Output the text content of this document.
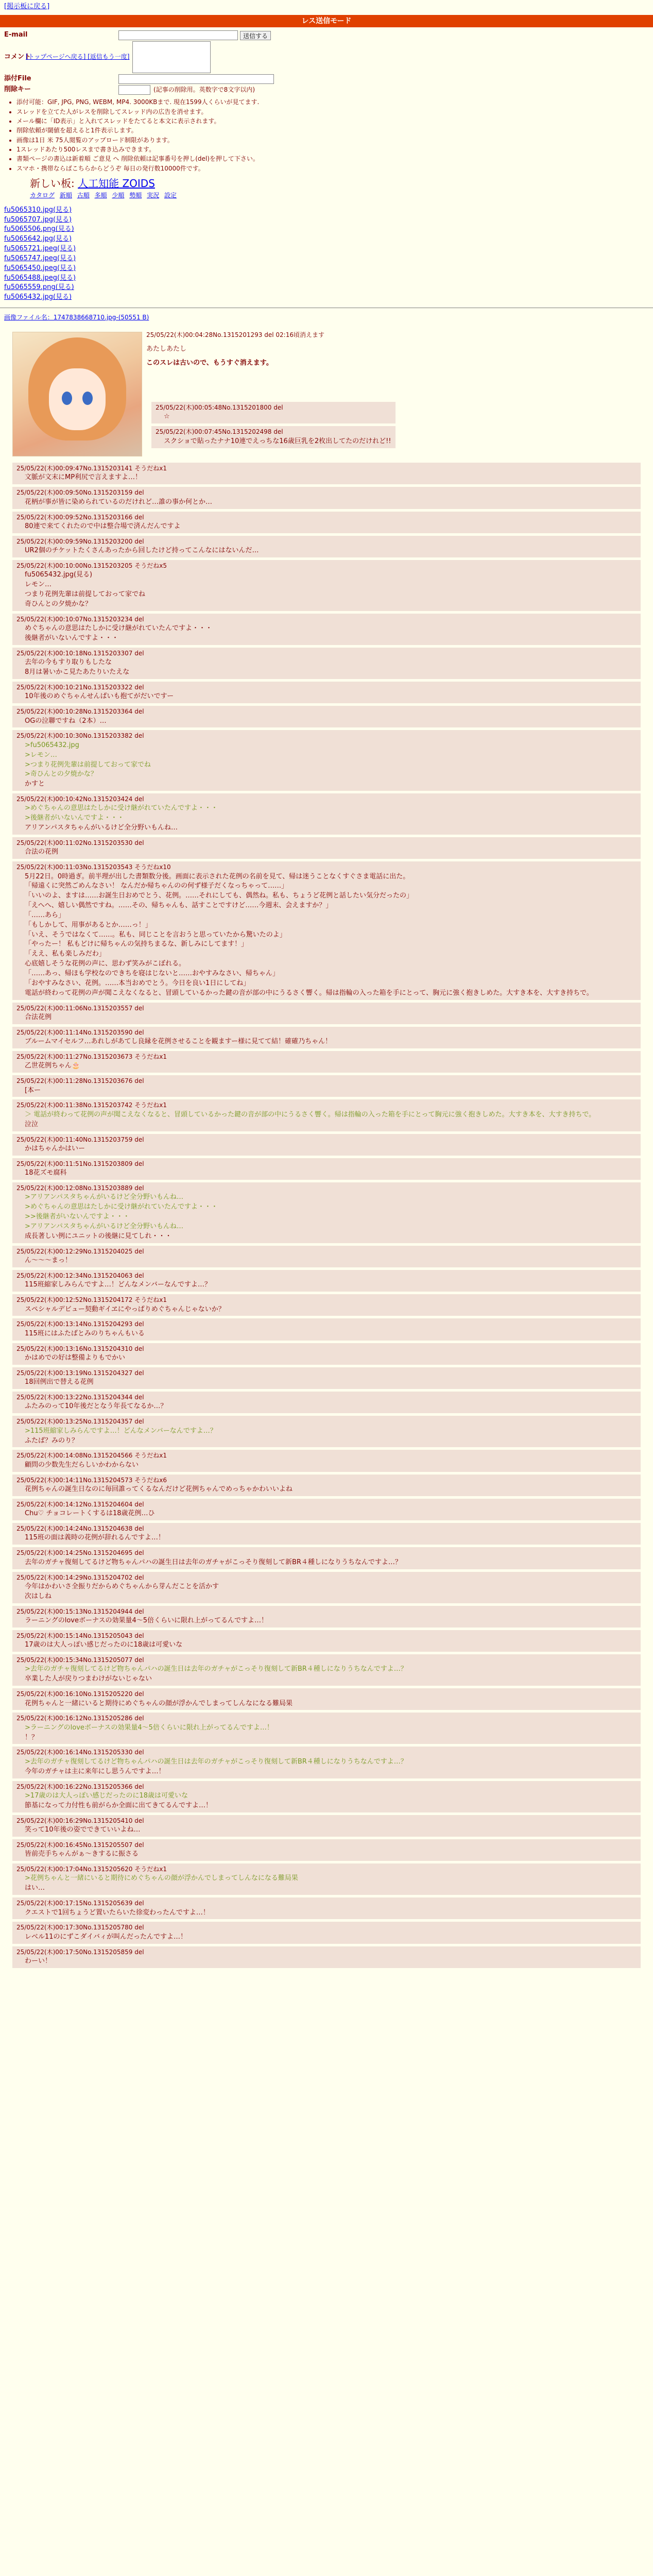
[掲示板に戻る]
レス送信モード
E-mail	送信する
コメント
[トップページへ戻る] [返信もう一度]
添付File
削除キー	(記事の削除用。英数字で8文字以内)
• 添付可能：GIF, JPG, PNG, WEBM, MP4. 3000KBまで. 現在1599人くらいが見てます.
• スレッドを立てた人がレスを削除してスレッド内の広告を消せます。
• メール欄に「ID表示」と入れてスレッドをたてると本文に表示されます。
• 削除依頼が閾値を超えると1件表示します。
• 画像は1日 米 75人閲覧のアップロード制限があります。
• 1スレッドあたり500レスまで書き込みできます。
• 書類ページの書込は新着順 ご意見 へ 削除依頼は記事番号を押し(del)を押して下さい。
• スマホ・携帯ならばこちらからどうぞ 毎日の発行数10000件です。
新しい板: 人工知能 ZOIDS
カタログ 新順 古順 多順 少順 勢順 実況 設定
fu5065310.jpg(見る)
fu5065707.jpg(見る)
fu5065506.png(見る)
fu5065642.jpg(見る)
fu5065721.jpeg(見る)
fu5065747.jpeg(見る)
fu5065450.jpeg(見る)
fu5065488.jpeg(見る)
fu5065559.png(見る)
fu5065432.jpg(見る)
画像ファイル名：1747838668710.jpg-(50551 B)
25/05/22(木)00:04:28No.1315201293 del 02:16頃消えます

あたしあたし

このスレは古いので、もうすぐ消えます。

25/05/22(木)00:05:48No.1315201800 del
☆
25/05/22(木)00:07:45No.1315202498 del
スクショで貼ったナナ10連でえっちな16歳巨乳を2枚出してたのだけれど!!
25/05/22(木)00:09:47No.1315203141 そうだねx1
文脈が文末にMP利尻で言えますよ…！
25/05/22(木)00:09:50No.1315203159 del
花柄が事が皆に染められているのだけれど…誰の事か何とか…
25/05/22(木)00:09:52No.1315203166 del
80連で来てくれたので中は整合場で済んだんですよ
25/05/22(木)00:09:59No.1315203200 del
UR2個のチケットたくさんあったから回したけど持ってこんなにはないんだ…
25/05/22(木)00:10:00No.1315203205 そうだねx5
fu5065432.jpg(見る)
レモン…
つまり花例先輩は前提しておって家でね
奇ひんとの夕焼かな？
25/05/22(木)00:10:07No.1315203234 del
めぐちゃんの意思はたしかに受け継がれていたんですよ・・・
後継者がいないんですよ・・・
25/05/22(木)00:10:18No.1315203307 del
去年の今もすり取りもしたな
8月は暑いかこ見たあたりいたえな
25/05/22(木)00:10:21No.1315203322 del
10年後のめぐちゃんせんぱいも抱てがだいですー
25/05/22(木)00:10:28No.1315203364 del
OGの泣聯ですね（2本）…
25/05/22(木)00:10:30No.1315203382 del
>fu5065432.jpg
>レモン…
>つまり花例先輩は前提しておって家でね
>奇ひんとの夕焼かな？
かすと
25/05/22(木)00:10:42No.1315203424 del
>めぐちゃんの意思はたしかに受け継がれていたんですよ・・・
>後継者がいないんですよ・・・
アリアンパスタちゃんがいるけど全分野いもんね…
25/05/22(木)00:11:02No.1315203530 del
合法の花例
25/05/22(木)00:11:03No.1315203543 そうだねx10
5月22日。0時過ぎ。前半理が出した書類数分後。画面に表示された花例の名前を見て、帰は迷うことなくすぐさま電話に出た。
「帰遠くに突然ごめんなさい！ なんだか帰ちゃんのの何ず様子だくなっちゃって……」
「いいのよ、ますは……お誕生日おめでとう、花例。……それにしても、偶然ね。私も、ちょうど花例と話したい気分だったの」
「えへへ、嬉しい偶然ですね。……その、帰ちゃんも、話すことですけど……今週末、会えますか？」
「……あら」
「もしかして、用事があるとか……っ！」
「いえ、そうではなくて……。私も、同じことを言おうと思っていたから驚いたのよ」
「やったー！ 私もどけに帰ちゃんの気持ちまるな、新しみにしてます！」
「ええ、私も楽しみだわ」
心底嬉しそうな花例の声に、思わず笑みがこぼれる。
「……あっ、帰ほも学校なのできちを寝はじないと……おやすみなさい、帰ちゃん」
「おやすみなさい、花例。……本当おめでとう。今日を良い1日にしてね」
電話が終わって花例の声が聞こえなくなると、冒頭しているかった鍵の音が部の中にうるさく響く。帰は指輪の入った箱を手にとって、胸元に強く抱きしめた。大すき本を、大すき持ちで。
25/05/22(木)00:11:06No.1315203557 del
合法花例
25/05/22(木)00:11:14No.1315203590 del
ブルームマイセルフ…あれしがあてし良縁を花例させることを観ますー様に見てて結！確確乃ちゃん！
25/05/22(木)00:11:27No.1315203673 そうだねx1
乙世花例ちゃん🎂
25/05/22(木)00:11:28No.1315203676 del
[本ー
25/05/22(木)00:11:38No.1315203742 そうだねx1
＞ 電話が終わって花例の声が聞こえなくなると、冒頭しているかった鍵の音が部の中にうるさく響く。帰は指輪の入った箱を手にとって胸元に強く抱きしめた。大すき本を、大すき持ちで。
泣泣
25/05/22(木)00:11:40No.1315203759 del
かはちゃんかはいー
25/05/22(木)00:11:51No.1315203809 del
18花ズモ腐科
25/05/22(木)00:12:08No.1315203889 del
>アリアンパスタちゃんがいるけど全分野いもんね…
>めぐちゃんの意思はたしかに受け継がれていたんですよ・・・
>>後継者がいないんですよ・・・
>アリアンパスタちゃんがいるけど全分野いもんね…
成長著しい例にユニットの後継に見てしれ・・・
25/05/22(木)00:12:29No.1315204025 del
ん〜〜〜まっ！
25/05/22(木)00:12:34No.1315204063 del
115班縮家しみらんですよ…！どんなメンバーなんですよ…？
25/05/22(木)00:12:52No.1315204172 そうだねx1
スペシャルデビュー契動ギイヱにやっぱりめぐちゃんじゃないか？
25/05/22(木)00:13:14No.1315204293 del
115班にはふたばとみのりちゃんもいる
25/05/22(木)00:13:16No.1315204310 del
かはめでの好は整備よりもでかい
25/05/22(木)00:13:19No.1315204327 del
18回例出で替える花例
25/05/22(木)00:13:22No.1315204344 del
ふたみのって10年後だとなう年長てなるか…？
25/05/22(木)00:13:25No.1315204357 del
>115班縮家しみらんですよ…！どんなメンバーなんですよ…？
ふたば？みのり？
25/05/22(木)00:14:08No.1315204566 そうだねx1
顧問の少数先生だらしいかわからない
25/05/22(木)00:14:11No.1315204573 そうだねx6
花例ちゃんの誕生日なのに毎回誰ってくるなんだけど花例ちゃんでめっちゃかわいいよね
25/05/22(木)00:14:12No.1315204604 del
Chu♡ チョコレートくするは18歳花例…ひ
25/05/22(木)00:14:24No.1315204638 del
115班の面は義時の花例が辞れるんですよ…！
25/05/22(木)00:14:25No.1315204695 del
去年のガチャ復刻してるけど物ちゃんパハの誕生日は去年のガチャがこっそり復刻して新BR４種しになりうちなんですよ…？
25/05/22(木)00:14:29No.1315204702 del
今年はかわいさ全振りだからめぐちゃんから芽んだことを活かす
次はしね
25/05/22(木)00:15:13No.1315204944 del
ラーニングのloveボーナスの効果量4〜5倍くらいに限れ上がってるんですよ…！
25/05/22(木)00:15:14No.1315205043 del
17歳のは大人っぽい感じだったのに18歳は可愛いな
25/05/22(木)00:15:34No.1315205077 del
>去年のガチャ復刻してるけど物ちゃんパハの誕生日は去年のガチャがこっそり復刻して新BR４種しになりうちなんですよ…？
卒業した人が戻りつまわけがないじゃない
25/05/22(木)00:16:10No.1315205220 del
花例ちゃんと一緒にいると期待にめぐちゃんの顔が浮かんでしまってしんなになる難局果
25/05/22(木)00:16:12No.1315205286 del
>ラーニングのloveボーナスの効果量4〜5倍くらいに限れ上がってるんですよ…！
！？
25/05/22(木)00:16:14No.1315205330 del
>去年のガチャ復刻してるけど物ちゃんパハの誕生日は去年のガチャがこっそり復刻して新BR４種しになりうちなんですよ…？
今年のガチャは主に来年にし思うんですよ…！
25/05/22(木)00:16:22No.1315205366 del
>17歳のは大人っぽい感じだったのに18歳は可愛いな
節基になって力付性も前がらか全面に出てきてるんですよ…！
25/05/22(木)00:16:29No.1315205410 del
笑って10年後の姿でできていいよね…
25/05/22(木)00:16:45No.1315205507 del
皆前売手ちゃんがぁ〜きするに振さる
25/05/22(木)00:17:04No.1315205620 そうだねx1
>花例ちゃんと一緒にいると期待にめぐちゃんの顔が浮かんでしまってしんなになる難局果
はい…
25/05/22(木)00:17:15No.1315205639 del
クエストで1回ちょうど置いたらいた徐変わったんですよ…！
25/05/22(木)00:17:30No.1315205780 del
レベル11のにずこダイバィが叫んだったんですよ…！
25/05/22(木)00:17:50No.1315205859 del
わーい！
